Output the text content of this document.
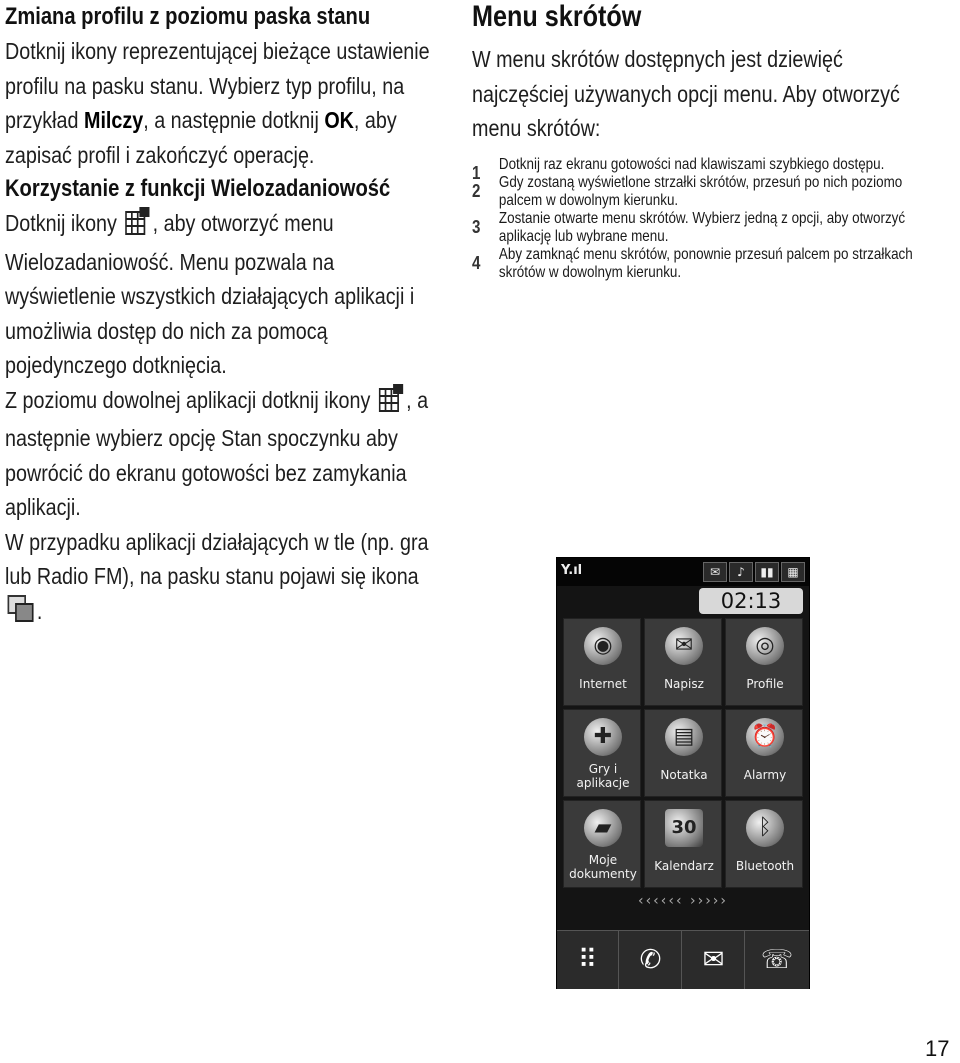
Zmiana profilu z poziomu paska stanu

Dotknij ikony reprezentującej bieżące ustawienie profilu na pasku stanu. Wybierz typ profilu, na przykład Milczy, a następnie dotknij OK, aby zapisać profil i zakończyć operację.

Korzystanie z funkcji Wielozadaniowość

Dotknij ikony , aby otworzyć menu Wielozadaniowość. Menu pozwala na wyświetlenie wszystkich działających aplikacji i umożliwia dostęp do nich za pomocą pojedynczego dotknięcia.

Z poziomu dowolnej aplikacji dotknij ikony , a następnie wybierz opcję Stan spoczynku aby powrócić do ekranu gotowości bez zamykania aplikacji.

W przypadku aplikacji działających w tle (np. gra lub Radio FM), na pasku stanu pojawi się ikona .

Menu skrótów

W menu skrótów dostępnych jest dziewięć najczęściej używanych opcji menu. Aby otworzyć menu skrótów:

1 Dotknij raz ekranu gotowości nad klawiszami szybkiego dostępu.
2 Gdy zostaną wyświetlone strzałki skrótów, przesuń po nich poziomo palcem w dowolnym kierunku.
3 Zostanie otwarte menu skrótów. Wybierz jedną z opcji, aby otworzyć aplikację lub wybrane menu.
4 Aby zamknąć menu skrótów, ponownie przesuń palcem po strzałkach skrótów w dowolnym kierunku.
Y.ıl	✉	♪	▮▮	▦
02:13
◉
Internet
✉
Napisz
◎
Profile
✚
Gry i
aplikacje
▤
Notatka
⏰
Alarmy
▰
Moje
dokumenty
30
Kalendarz
ᛒ
Bluetooth
‹‹‹‹‹‹ ›››››
⠿	✆	✉	☏
17
